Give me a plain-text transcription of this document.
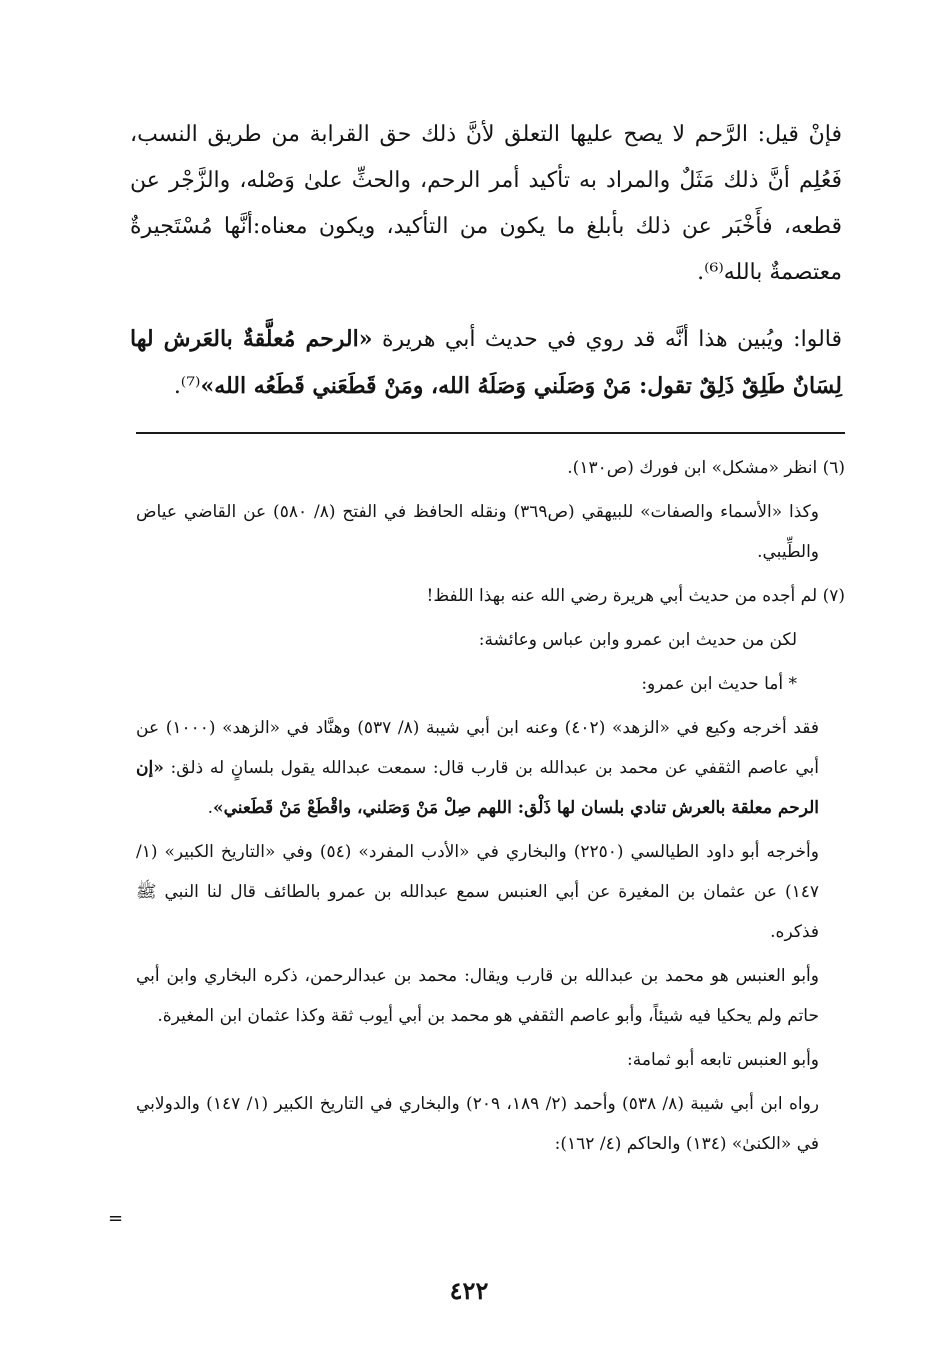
فإنْ قيل: الرَّحم لا يصح عليها التعلق لأنَّ ذلك حق القرابة من طريق النسب، فَعُلِم أنَّ ذلك مَثَلٌ والمراد به تأكيد أمر الرحم، والحثِّ علىٰ وَصْله، والزَّجْر عن قطعه، فأَخْبَر عن ذلك بأبلغ ما يكون من التأكيد، ويكون معناه:أنَّها مُسْتَجيرةٌ معتصمةٌ بالله⁽⁶⁾.

قالوا: ويُبين هذا أنَّه قد روي في حديث أبي هريرة «الرحم مُعلَّقةٌ بالعَرش لها لِسَانٌ طَلِقٌ ذَلِقٌ تقول: مَنْ وَصَلَني وَصَلَهُ الله، ومَنْ قَطَعَني قَطَعُه الله»⁽⁷⁾.

(٦) انظر «مشكل» ابن فورك (ص١٣٠).

وكذا «الأسماء والصفات» للبيهقي (ص٣٦٩) ونقله الحافظ في الفتح (٨/ ٥٨٠) عن القاضي عياض والطِّيبي.

(٧) لم أجده من حديث أبي هريرة رضي الله عنه بهذا اللفظ!

لكن من حديث ابن عمرو وابن عباس وعائشة:

* أما حديث ابن عمرو:

فقد أخرجه وكيع في «الزهد» (٤٠٢) وعنه ابن أبي شيبة (٨/ ٥٣٧) وهنَّاد في «الزهد» (١٠٠٠) عن أبي عاصم الثقفي عن محمد بن عبدالله بن قارب قال: سمعت عبدالله يقول بلسانٍ له ذلق: «إن الرحم معلقة بالعرش تنادي بلسان لها ذَلْق: اللهم صِلْ مَنْ وَصَلني، واقْطَعْ مَنْ قَطَعني».

وأخرجه أبو داود الطيالسي (٢٢٥٠) والبخاري في «الأدب المفرد» (٥٤) وفي «التاريخ الكبير» (١/ ١٤٧) عن عثمان بن المغيرة عن أبي العنبس سمع عبدالله بن عمرو بالطائف قال لنا النبي ﷺ فذكره.

وأبو العنبس هو محمد بن عبدالله بن قارب ويقال: محمد بن عبدالرحمن، ذكره البخاري وابن أبي حاتم ولم يحكيا فيه شيئاً، وأبو عاصم الثقفي هو محمد بن أبي أيوب ثقة وكذا عثمان ابن المغيرة.

وأبو العنبس تابعه أبو ثمامة:

رواه ابن أبي شيبة (٨/ ٥٣٨) وأحمد (٢/ ١٨٩، ٢٠٩) والبخاري في التاريخ الكبير (١/ ١٤٧) والدولابي في «الكنىٰ» (١٣٤) والحاكم (٤/ ١٦٢):

=
٤٢٢
